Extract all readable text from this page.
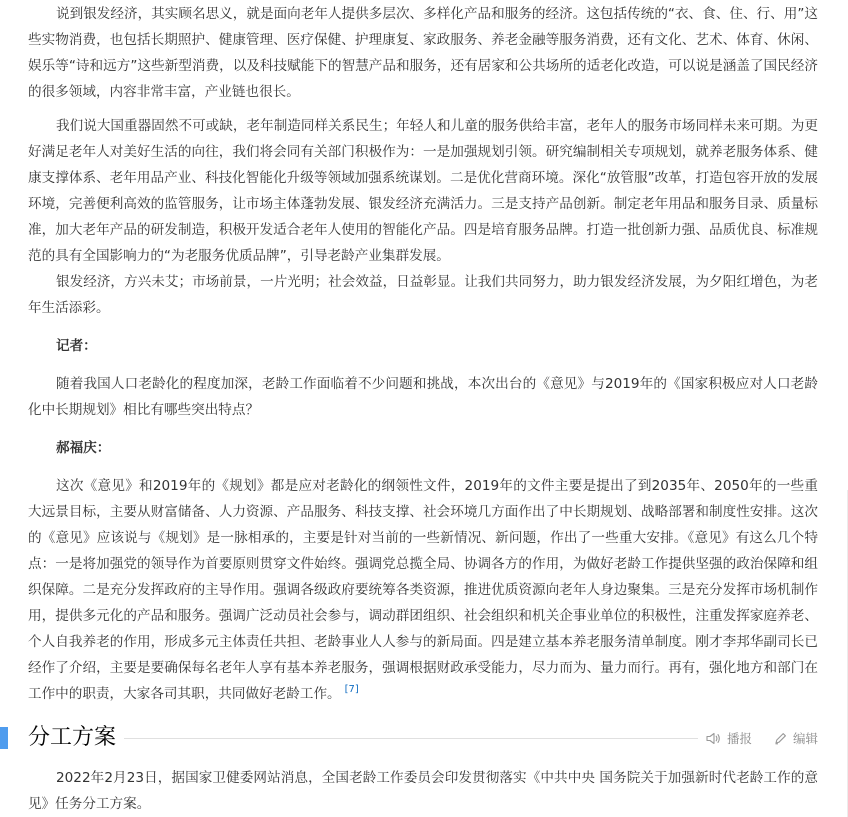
说到银发经济，其实顾名思义，就是面向老年人提供多层次、多样化产品和服务的经济。这包括传统的“衣、食、住、行、用”这些实物消费，也包括长期照护、健康管理、医疗保健、护理康复、家政服务、养老金融等服务消费，还有文化、艺术、体育、休闲、娱乐等“诗和远方”这些新型消费，以及科技赋能下的智慧产品和服务，还有居家和公共场所的适老化改造，可以说是涵盖了国民经济的很多领域，内容非常丰富，产业链也很长。

我们说大国重器固然不可或缺，老年制造同样关系民生；年轻人和儿童的服务供给丰富，老年人的服务市场同样未来可期。为更好满足老年人对美好生活的向往，我们将会同有关部门积极作为：一是加强规划引领。研究编制相关专项规划，就养老服务体系、健康支撑体系、老年用品产业、科技化智能化升级等领域加强系统谋划。二是优化营商环境。深化“放管服”改革，打造包容开放的发展环境，完善便利高效的监管服务，让市场主体蓬勃发展、银发经济充满活力。三是支持产品创新。制定老年用品和服务目录、质量标准，加大老年产品的研发制造，积极开发适合老年人使用的智能化产品。四是培育服务品牌。打造一批创新力强、品质优良、标准规范的具有全国影响力的“为老服务优质品牌”，引导老龄产业集群发展。

银发经济，方兴未艾；市场前景，一片光明；社会效益，日益彰显。让我们共同努力，助力银发经济发展，为夕阳红增色，为老年生活添彩。

记者：

随着我国人口老龄化的程度加深，老龄工作面临着不少问题和挑战，本次出台的《意见》与2019年的《国家积极应对人口老龄化中长期规划》相比有哪些突出特点？

郝福庆：

这次《意见》和2019年的《规划》都是应对老龄化的纲领性文件，2019年的文件主要是提出了到2035年、2050年的一些重大远景目标，主要从财富储备、人力资源、产品服务、科技支撑、社会环境几方面作出了中长期规划、战略部署和制度性安排。这次的《意见》应该说与《规划》是一脉相承的，主要是针对当前的一些新情况、新问题，作出了一些重大安排。《意见》有这么几个特点：一是将加强党的领导作为首要原则贯穿文件始终。强调党总揽全局、协调各方的作用，为做好老龄工作提供坚强的政治保障和组织保障。二是充分发挥政府的主导作用。强调各级政府要统筹各类资源，推进优质资源向老年人身边聚集。三是充分发挥市场机制作用，提供多元化的产品和服务。强调广泛动员社会参与，调动群团组织、社会组织和机关企事业单位的积极性，注重发挥家庭养老、个人自我养老的作用，形成多元主体责任共担、老龄事业人人参与的新局面。四是建立基本养老服务清单制度。刚才李邦华副司长已经作了介绍，主要是要确保每名老年人享有基本养老服务，强调根据财政承受能力，尽力而为、量力而行。再有，强化地方和部门在工作中的职责，大家各司其职，共同做好老龄工作。 [7]

2022年2月23日，据国家卫健委网站消息，全国老龄工作委员会印发贯彻落实《中共中央 国务院关于加强新时代老龄工作的意见》任务分工方案。

分工方案	播报	编辑
